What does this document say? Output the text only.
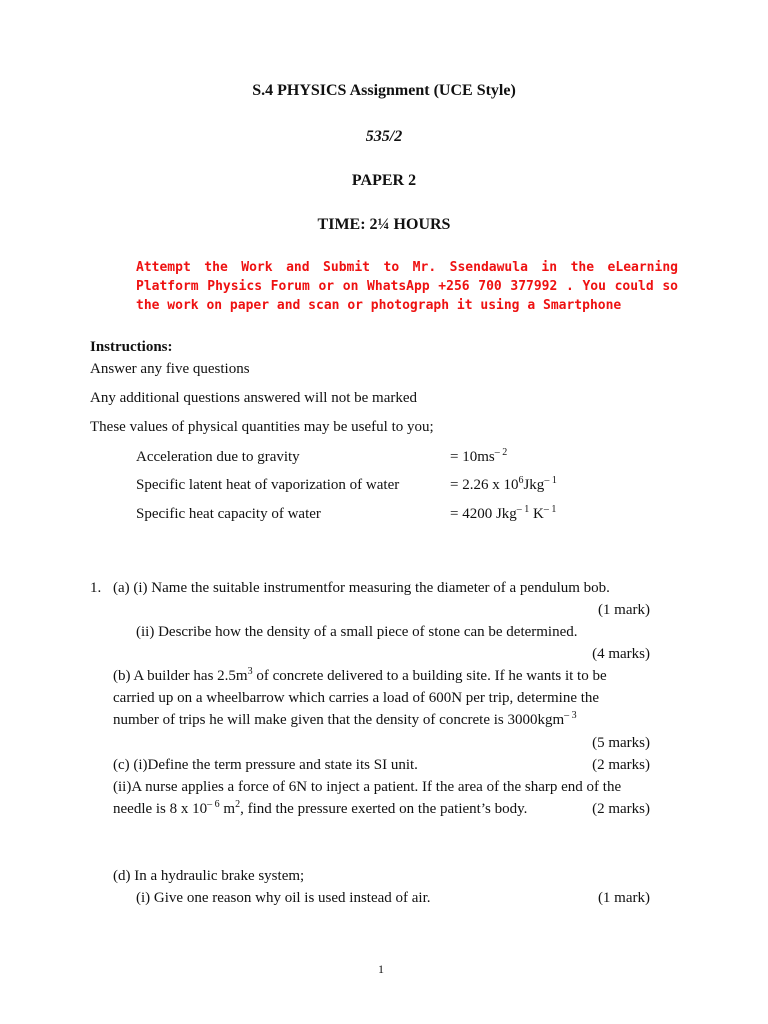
S.4 PHYSICS Assignment (UCE Style)
535/2
PAPER 2
TIME: 2¼ HOURS
Attempt the Work and Submit to Mr. Ssendawula in the eLearning
Platform Physics Forum or on WhatsApp +256 700 377992 . You could so
the work on paper and scan or photograph it using a Smartphone
Instructions:
Answer any five questions
Any additional questions answered will not be marked
These values of physical quantities may be useful to you;
Acceleration due to gravity	= $10ms^{- 2}$
Specific latent heat of vaporization of water	= 2.26 x $10^6Jkg^{- 1}$
Specific heat capacity of water	= 4200 Jkg$^{- 1}$ $K^{- 1}$
1. (a) (i) Name the suitable instrumentfor measuring the diameter of a pendulum bob.
(1 mark)
(ii) Describe how the density of a small piece of stone can be determined.
(4 marks)
(b) A builder has $2.5m^3$ of concrete delivered to a building site. If he wants it to be
carried up on a wheelbarrow which carries a load of 600N per trip, determine the
number of trips he will make given that the density of concrete is 3000kgm$^{- 3}$
(5 marks)
(c) (i)Define the term pressure and state its SI unit.	(2 marks)
(ii)A nurse applies a force of 6N to inject a patient. If the area of the sharp end of the
needle is 8 x $10^{- 6}$ $m^2$, find the pressure exerted on the patient’s body.	(2 marks)
(d) In a hydraulic brake system;
(i) Give one reason why oil is used instead of air.	(1 mark)
1
